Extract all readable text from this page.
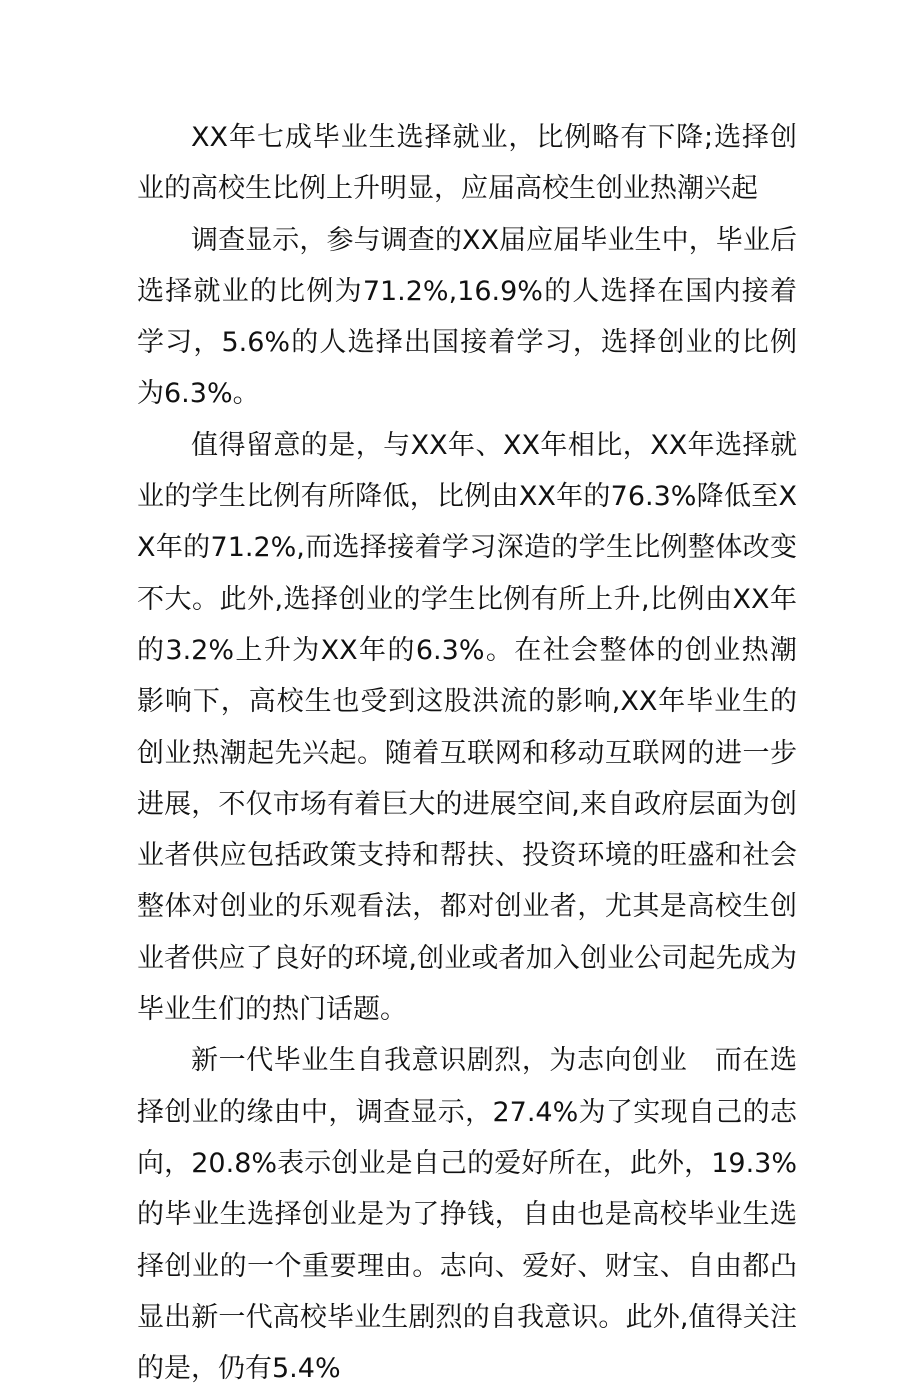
XX年七成毕业生选择就业，比例略有下降;选择创业的高校生比例上升明显，应届高校生创业热潮兴起

调查显示，参与调查的XX届应届毕业生中，毕业后选择就业的比例为71.2%,16.9%的人选择在国内接着学习，5.6%的人选择出国接着学习，选择创业的比例为6.3%。

值得留意的是，与XX年、XX年相比，XX年选择就业的学生比例有所降低，比例由XX年的76.3%降低至XX年的71.2%,而选择接着学习深造的学生比例整体改变不大。此外,选择创业的学生比例有所上升,比例由XX年的3.2%上升为XX年的6.3%。在社会整体的创业热潮影响下，高校生也受到这股洪流的影响,XX年毕业生的创业热潮起先兴起。随着互联网和移动互联网的进一步进展，不仅市场有着巨大的进展空间,来自政府层面为创业者供应包括政策支持和帮扶、投资环境的旺盛和社会整体对创业的乐观看法，都对创业者，尤其是高校生创业者供应了良好的环境,创业或者加入创业公司起先成为毕业生们的热门话题。

新一代毕业生自我意识剧烈，为志向创业　而在选择创业的缘由中，调查显示，27.4%为了实现自己的志向，20.8%表示创业是自己的爱好所在，此外，19.3%的毕业生选择创业是为了挣钱，自由也是高校毕业生选择创业的一个重要理由。志向、爱好、财宝、自由都凸显出新一代高校毕业生剧烈的自我意识。此外,值得关注的是，仍有5.4%
